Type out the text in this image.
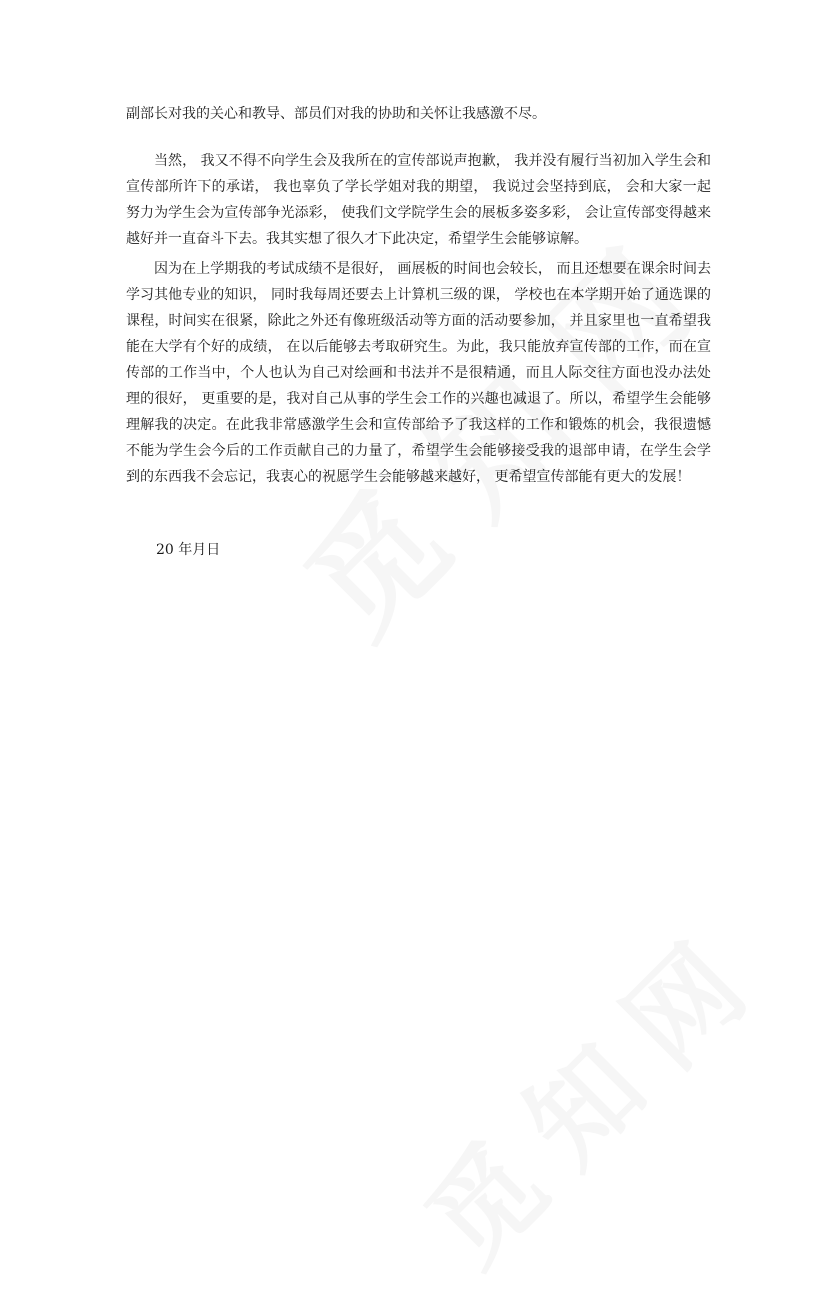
副部长对我的关心和教导、部员们对我的协助和关怀让我感激不尽。

当然， 我又不得不向学生会及我所在的宣传部说声抱歉， 我并没有履行当初加入学生会和宣传部所许下的承诺， 我也辜负了学长学姐对我的期望， 我说过会坚持到底， 会和大家一起努力为学生会为宣传部争光添彩， 使我们文学院学生会的展板多姿多彩， 会让宣传部变得越来越好并一直奋斗下去。我其实想了很久才下此决定，希望学生会能够谅解。

因为在上学期我的考试成绩不是很好， 画展板的时间也会较长， 而且还想要在课余时间去学习其他专业的知识， 同时我每周还要去上计算机三级的课， 学校也在本学期开始了通选课的课程，时间实在很紧，除此之外还有像班级活动等方面的活动要参加， 并且家里也一直希望我能在大学有个好的成绩， 在以后能够去考取研究生。为此，我只能放弃宣传部的工作，而在宣传部的工作当中，个人也认为自己对绘画和书法并不是很精通，而且人际交往方面也没办法处理的很好， 更重要的是，我对自己从事的学生会工作的兴趣也减退了。所以，希望学生会能够理解我的决定。在此我非常感激学生会和宣传部给予了我这样的工作和锻炼的机会，我很遗憾不能为学生会今后的工作贡献自己的力量了，希望学生会能够接受我的退部申请，在学生会学到的东西我不会忘记，我衷心的祝愿学生会能够越来越好， 更希望宣传部能有更大的发展！

20 年月日
